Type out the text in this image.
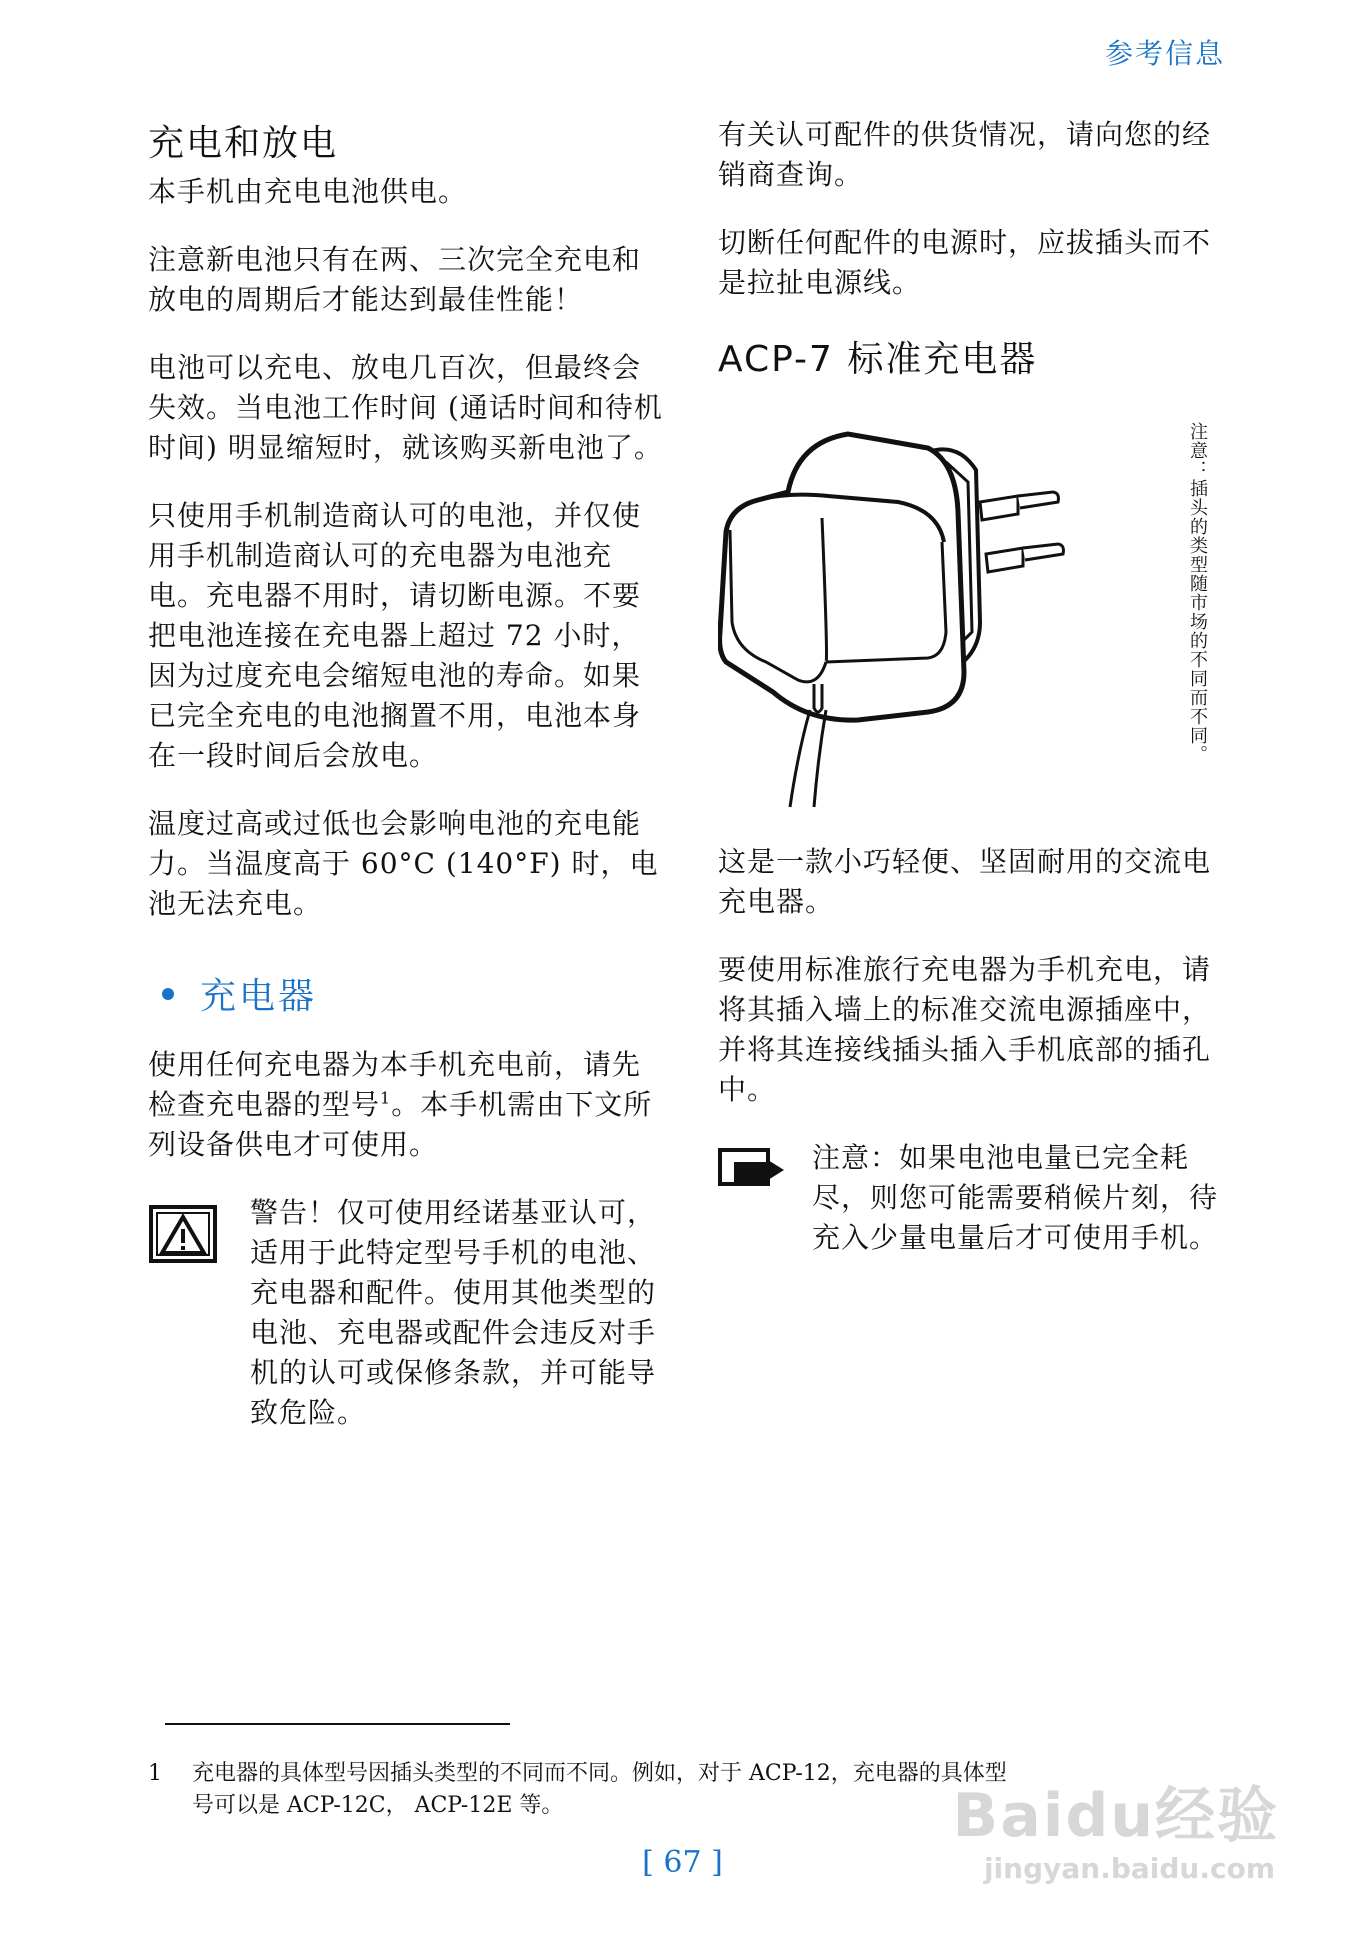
参考信息
充电和放电

本手机由充电电池供电。

注意新电池只有在两、三次完全充电和放电的周期后才能达到最佳性能！

电池可以充电、放电几百次，但最终会失效。当电池工作时间 (通话时间和待机时间) 明显缩短时，就该购买新电池了。

只使用手机制造商认可的电池，并仅使用手机制造商认可的充电器为电池充电。充电器不用时，请切断电源。不要把电池连接在充电器上超过 72 小时，因为过度充电会缩短电池的寿命。如果已完全充电的电池搁置不用，电池本身在一段时间后会放电。

温度过高或过低也会影响电池的充电能力。当温度高于 60°C (140°F) 时，电池无法充电。

充电器

使用任何充电器为本手机充电前，请先检查充电器的型号$^1$。本手机需由下文所列设备供电才可使用。

警告！仅可使用经诺基亚认可，适用于此特定型号手机的电池、充电器和配件。使用其他类型的电池、充电器或配件会违反对手机的认可或保修条款，并可能导致危险。

有关认可配件的供货情况，请向您的经销商查询。

切断任何配件的电源时，应拔插头而不是拉扯电源线。

ACP-7 标准充电器
注意：插头的类型随市场的不同而不同。

这是一款小巧轻便、坚固耐用的交流电充电器。

要使用标准旅行充电器为手机充电，请将其插入墙上的标准交流电源插座中，并将其连接线插头插入手机底部的插孔中。

注意：如果电池电量已完全耗尽，则您可能需要稍候片刻，待充入少量电量后才可使用手机。
1 充电器的具体型号因插头类型的不同而不同。例如，对于 ACP-12，充电器的具体型
号可以是 ACP-12C， ACP-12E 等。
[ 67 ]
Baidu经验
jingyan.baidu.com
